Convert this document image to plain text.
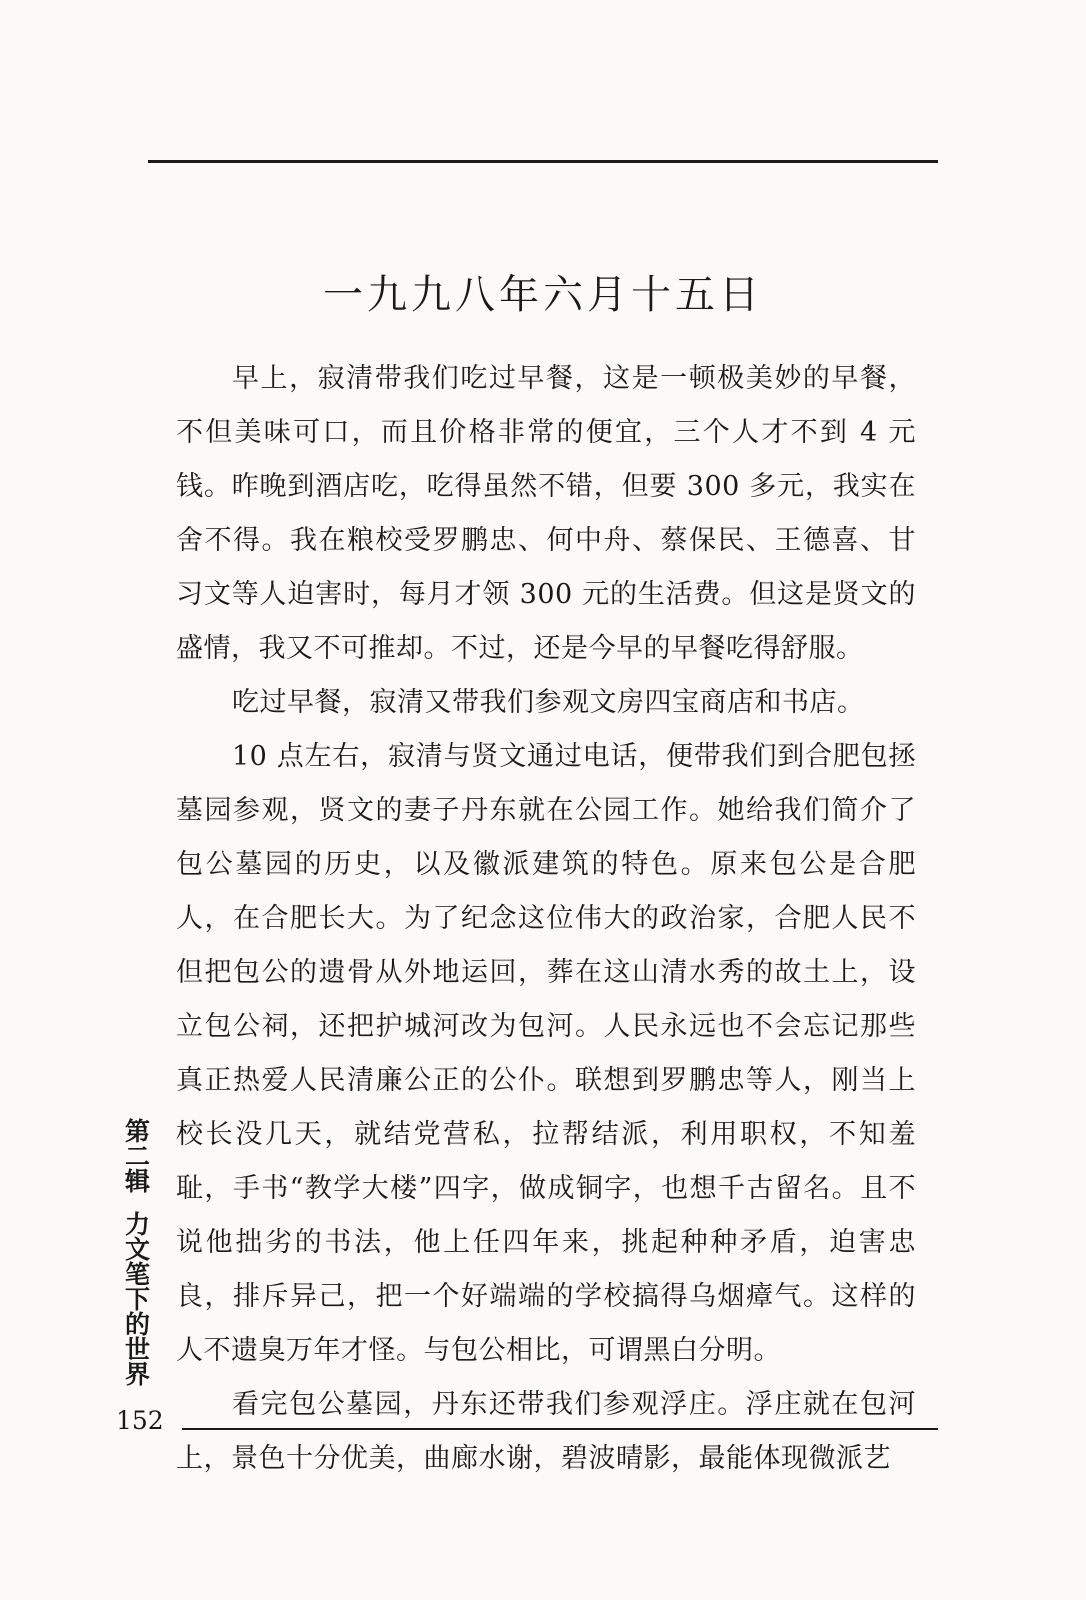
一九九八年六月十五日

早上，寂清带我们吃过早餐，这是一顿极美妙的早餐，不但美味可口，而且价格非常的便宜，三个人才不到 4 元钱。昨晚到酒店吃，吃得虽然不错，但要 300 多元，我实在舍不得。我在粮校受罗鹏忠、何中舟、蔡保民、王德喜、甘习文等人迫害时，每月才领 300 元的生活费。但这是贤文的盛情，我又不可推却。不过，还是今早的早餐吃得舒服。

吃过早餐，寂清又带我们参观文房四宝商店和书店。

10 点左右，寂清与贤文通过电话，便带我们到合肥包拯墓园参观，贤文的妻子丹东就在公园工作。她给我们简介了包公墓园的历史，以及徽派建筑的特色。原来包公是合肥人，在合肥长大。为了纪念这位伟大的政治家，合肥人民不但把包公的遗骨从外地运回，葬在这山清水秀的故土上，设立包公祠，还把护城河改为包河。人民永远也不会忘记那些真正热爱人民清廉公正的公仆。联想到罗鹏忠等人，刚当上校长没几天，就结党营私，拉帮结派，利用职权，不知羞耻，手书“教学大楼”四字，做成铜字，也想千古留名。且不说他拙劣的书法，他上任四年来，挑起种种矛盾，迫害忠良，排斥异己，把一个好端端的学校搞得乌烟瘴气。这样的人不遗臭万年才怪。与包公相比，可谓黑白分明。

看完包公墓园，丹东还带我们参观浮庄。浮庄就在包河上，景色十分优美，曲廊水谢，碧波晴影，最能体现微派艺

第二辑
力文笔下的世界
152
